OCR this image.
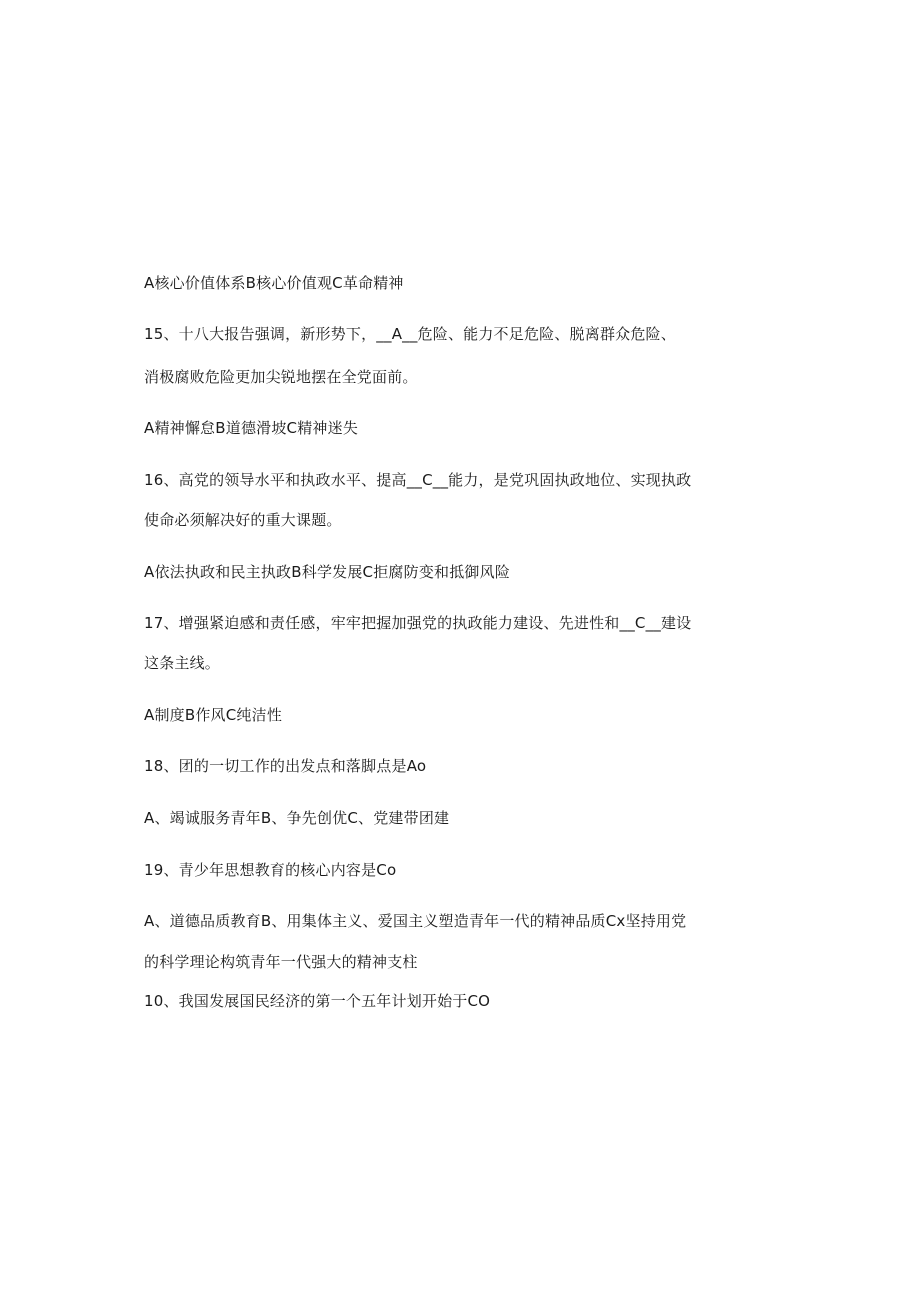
A核心价值体系B核心价值观C革命精神
15、十八大报告强调，新形势下，__A__危险、能力不足危险、脱离群众危险、
消极腐败危险更加尖锐地摆在全党面前。
A精神懈怠B道德滑坡C精神迷失
16、高党的领导水平和执政水平、提高__C__能力，是党巩固执政地位、实现执政
使命必须解决好的重大课题。
A依法执政和民主执政B科学发展C拒腐防变和抵御风险
17、增强紧迫感和责任感，牢牢把握加强党的执政能力建设、先进性和__C__建设
这条主线。
A制度B作风C纯洁性
18、团的一切工作的出发点和落脚点是Ao
A、竭诚服务青年B、争先创优C、党建带团建
19、青少年思想教育的核心内容是Co
A、道德品质教育B、用集体主义、爱国主义塑造青年一代的精神品质Cx坚持用党
的科学理论构筑青年一代强大的精神支柱
10、我国发展国民经济的第一个五年计划开始于CO
